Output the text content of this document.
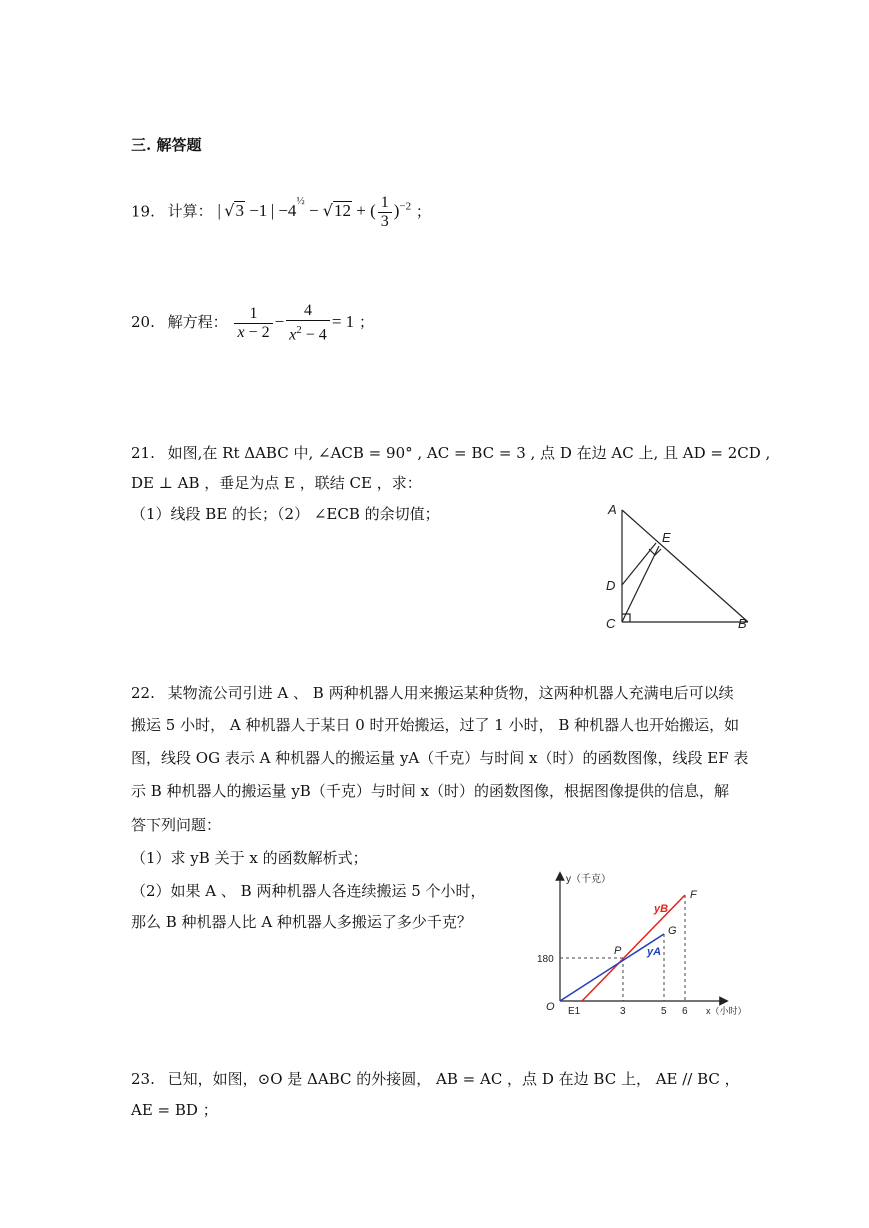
三. 解答题
19. 计算： | √3 −1 | $-4^{\frac{1}{2}} - √12$ + ( $\frac{1}{3} )^{-2}$ ；
20. 解方程： $\frac{1}{x - 2} - \frac{4}{x^2 - 4} = 1$ ；
21. 如图,在 Rt ΔABC 中, ∠ACB = 90° , AC = BC = 3 , 点 D 在边 AC 上, 且 AD = 2CD ,
DE ⊥ AB ，垂足为点 E ，联结 CE ，求：
（1）线段 BE 的长；（2） ∠ECB 的余切值；	A
E
D
C	B
22. 某物流公司引进 A 、 B 两种机器人用来搬运某种货物，这两种机器人充满电后可以续
搬运 5 小时， A 种机器人于某日 0 时开始搬运，过了 1 小时， B 种机器人也开始搬运，如
图，线段 OG 表示 A 种机器人的搬运量 yA（千克）与时间 x（时）的函数图像，线段 EF 表
示 B 种机器人的搬运量 yB（千克）与时间 x（时）的函数图像，根据图像提供的信息，解
答下列问题：
（1）求 yB 关于 x 的函数解析式；
（2）如果 A 、 B 两种机器人各连续搬运 5 个小时，
那么 B 种机器人比 A 种机器人多搬运了多少千克？
y（千克）
x（小时）
O
180
E1	3	5 6
P
G
F
yB
yA
23. 已知，如图，⊙O 是 ΔABC 的外接圆， AB = AC ，点 D 在边 BC 上， AE // BC ，
AE = BD ；
